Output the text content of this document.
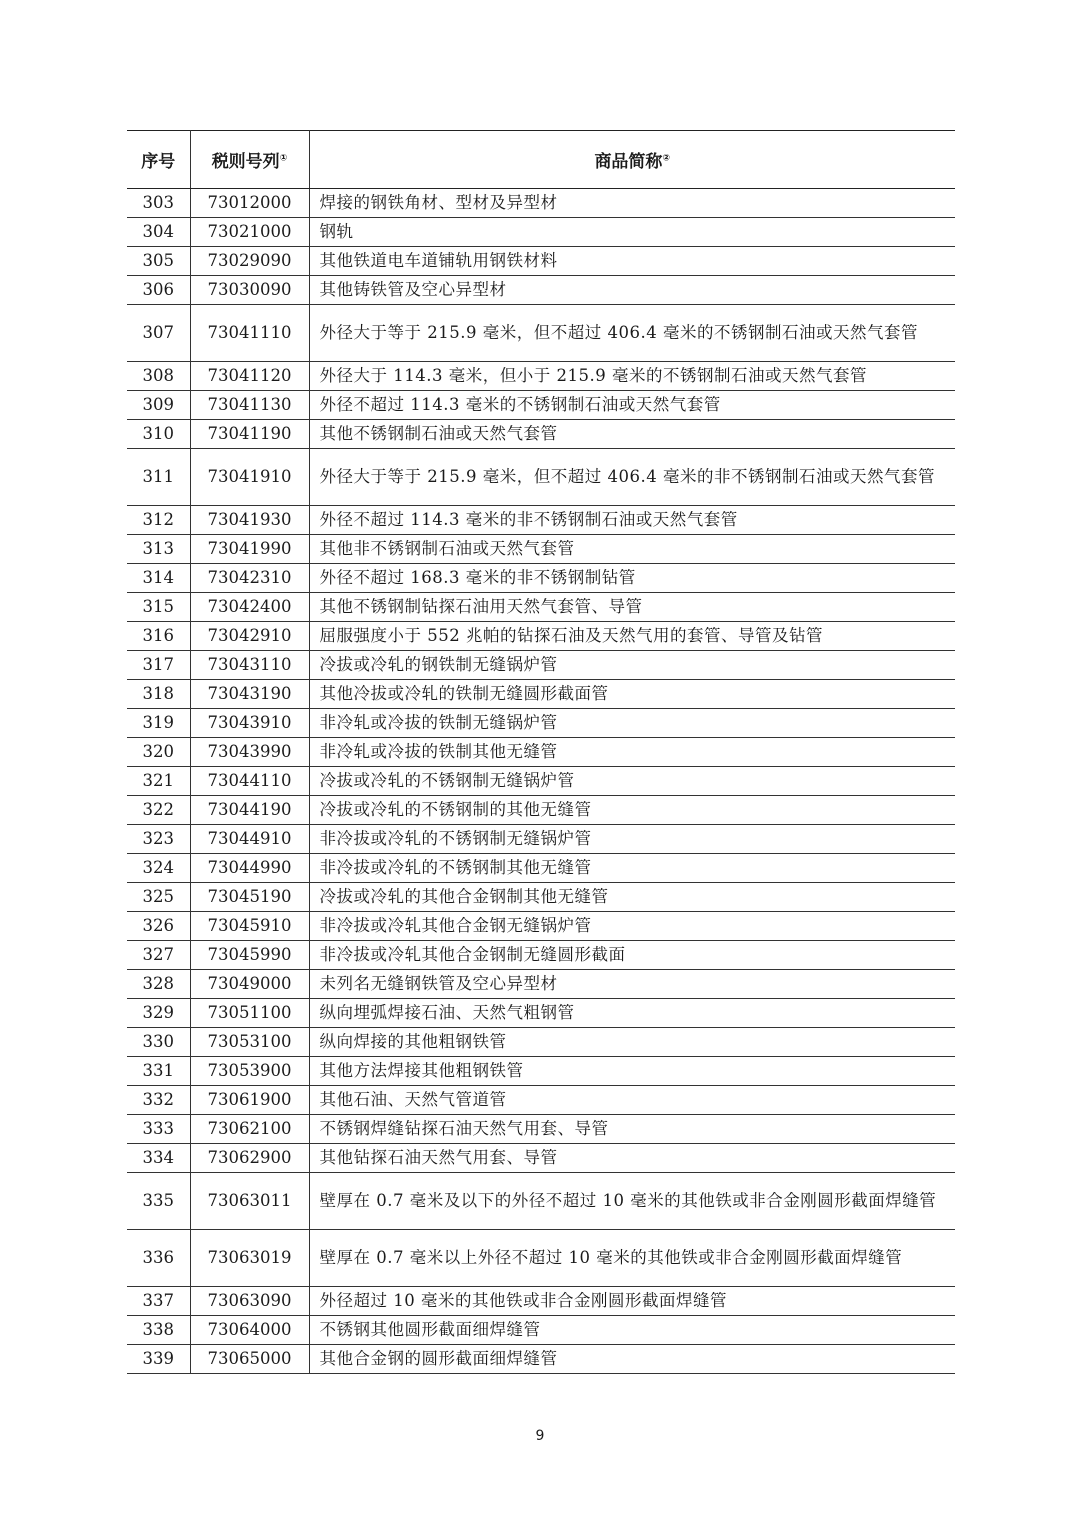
序号	税则号列①	商品简称②
303	73012000	焊接的钢铁角材、型材及异型材
304	73021000	钢轨
305	73029090	其他铁道电车道铺轨用钢铁材料
306	73030090	其他铸铁管及空心异型材
307	73041110	外径大于等于 215.9 毫米，但不超过 406.4 毫米的不锈钢制石油或天然气套管
308	73041120	外径大于 114.3 毫米，但小于 215.9 毫米的不锈钢制石油或天然气套管
309	73041130	外径不超过 114.3 毫米的不锈钢制石油或天然气套管
310	73041190	其他不锈钢制石油或天然气套管
311	73041910	外径大于等于 215.9 毫米，但不超过 406.4 毫米的非不锈钢制石油或天然气套管
312	73041930	外径不超过 114.3 毫米的非不锈钢制石油或天然气套管
313	73041990	其他非不锈钢制石油或天然气套管
314	73042310	外径不超过 168.3 毫米的非不锈钢制钻管
315	73042400	其他不锈钢制钻探石油用天然气套管、导管
316	73042910	屈服强度小于 552 兆帕的钻探石油及天然气用的套管、导管及钻管
317	73043110	冷拔或冷轧的钢铁制无缝锅炉管
318	73043190	其他冷拔或冷轧的铁制无缝圆形截面管
319	73043910	非冷轧或冷拔的铁制无缝锅炉管
320	73043990	非冷轧或冷拔的铁制其他无缝管
321	73044110	冷拔或冷轧的不锈钢制无缝锅炉管
322	73044190	冷拔或冷轧的不锈钢制的其他无缝管
323	73044910	非冷拔或冷轧的不锈钢制无缝锅炉管
324	73044990	非冷拔或冷轧的不锈钢制其他无缝管
325	73045190	冷拔或冷轧的其他合金钢制其他无缝管
326	73045910	非冷拔或冷轧其他合金钢无缝锅炉管
327	73045990	非冷拔或冷轧其他合金钢制无缝圆形截面
328	73049000	未列名无缝钢铁管及空心异型材
329	73051100	纵向埋弧焊接石油、天然气粗钢管
330	73053100	纵向焊接的其他粗钢铁管
331	73053900	其他方法焊接其他粗钢铁管
332	73061900	其他石油、天然气管道管
333	73062100	不锈钢焊缝钻探石油天然气用套、导管
334	73062900	其他钻探石油天然气用套、导管
335	73063011	壁厚在 0.7 毫米及以下的外径不超过 10 毫米的其他铁或非合金刚圆形截面焊缝管
336	73063019	壁厚在 0.7 毫米以上外径不超过 10 毫米的其他铁或非合金刚圆形截面焊缝管
337	73063090	外径超过 10 毫米的其他铁或非合金刚圆形截面焊缝管
338	73064000	不锈钢其他圆形截面细焊缝管
339	73065000	其他合金钢的圆形截面细焊缝管
9
